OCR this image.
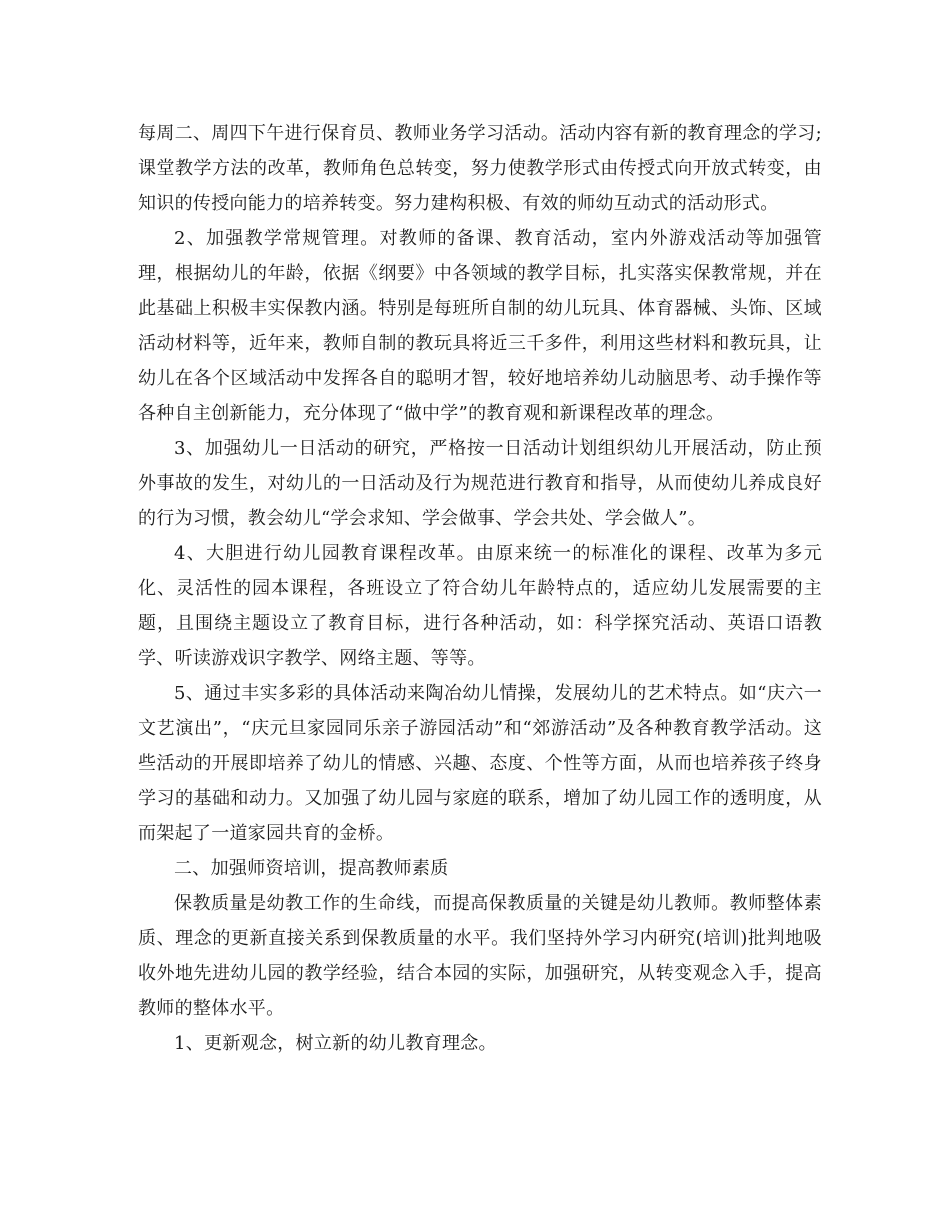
每周二、周四下午进行保育员、教师业务学习活动。活动内容有新的教育理念的学习;课堂教学方法的改革，教师角色总转变，努力使教学形式由传授式向开放式转变，由知识的传授向能力的培养转变。努力建构积极、有效的师幼互动式的活动形式。

2、加强教学常规管理。对教师的备课、教育活动，室内外游戏活动等加强管理，根据幼儿的年龄，依据《纲要》中各领域的教学目标，扎实落实保教常规，并在此基础上积极丰实保教内涵。特别是每班所自制的幼儿玩具、体育器械、头饰、区域活动材料等，近年来，教师自制的教玩具将近三千多件，利用这些材料和教玩具，让幼儿在各个区域活动中发挥各自的聪明才智，较好地培养幼儿动脑思考、动手操作等各种自主创新能力，充分体现了“做中学”的教育观和新课程改革的理念。

3、加强幼儿一日活动的研究，严格按一日活动计划组织幼儿开展活动，防止预外事故的发生，对幼儿的一日活动及行为规范进行教育和指导，从而使幼儿养成良好的行为习惯，教会幼儿“学会求知、学会做事、学会共处、学会做人”。

4、大胆进行幼儿园教育课程改革。由原来统一的标准化的课程、改革为多元化、灵活性的园本课程，各班设立了符合幼儿年龄特点的，适应幼儿发展需要的主题，且围绕主题设立了教育目标，进行各种活动，如：科学探究活动、英语口语教学、听读游戏识字教学、网络主题、等等。

5、通过丰实多彩的具体活动来陶冶幼儿情操，发展幼儿的艺术特点。如“庆六一文艺演出”，“庆元旦家园同乐亲子游园活动”和“郊游活动”及各种教育教学活动。这些活动的开展即培养了幼儿的情感、兴趣、态度、个性等方面，从而也培养孩子终身学习的基础和动力。又加强了幼儿园与家庭的联系，增加了幼儿园工作的透明度，从而架起了一道家园共育的金桥。

二、加强师资培训，提高教师素质

保教质量是幼教工作的生命线，而提高保教质量的关键是幼儿教师。教师整体素质、理念的更新直接关系到保教质量的水平。我们坚持外学习内研究(培训)批判地吸收外地先进幼儿园的教学经验，结合本园的实际，加强研究，从转变观念入手，提高教师的整体水平。

1、更新观念，树立新的幼儿教育理念。
